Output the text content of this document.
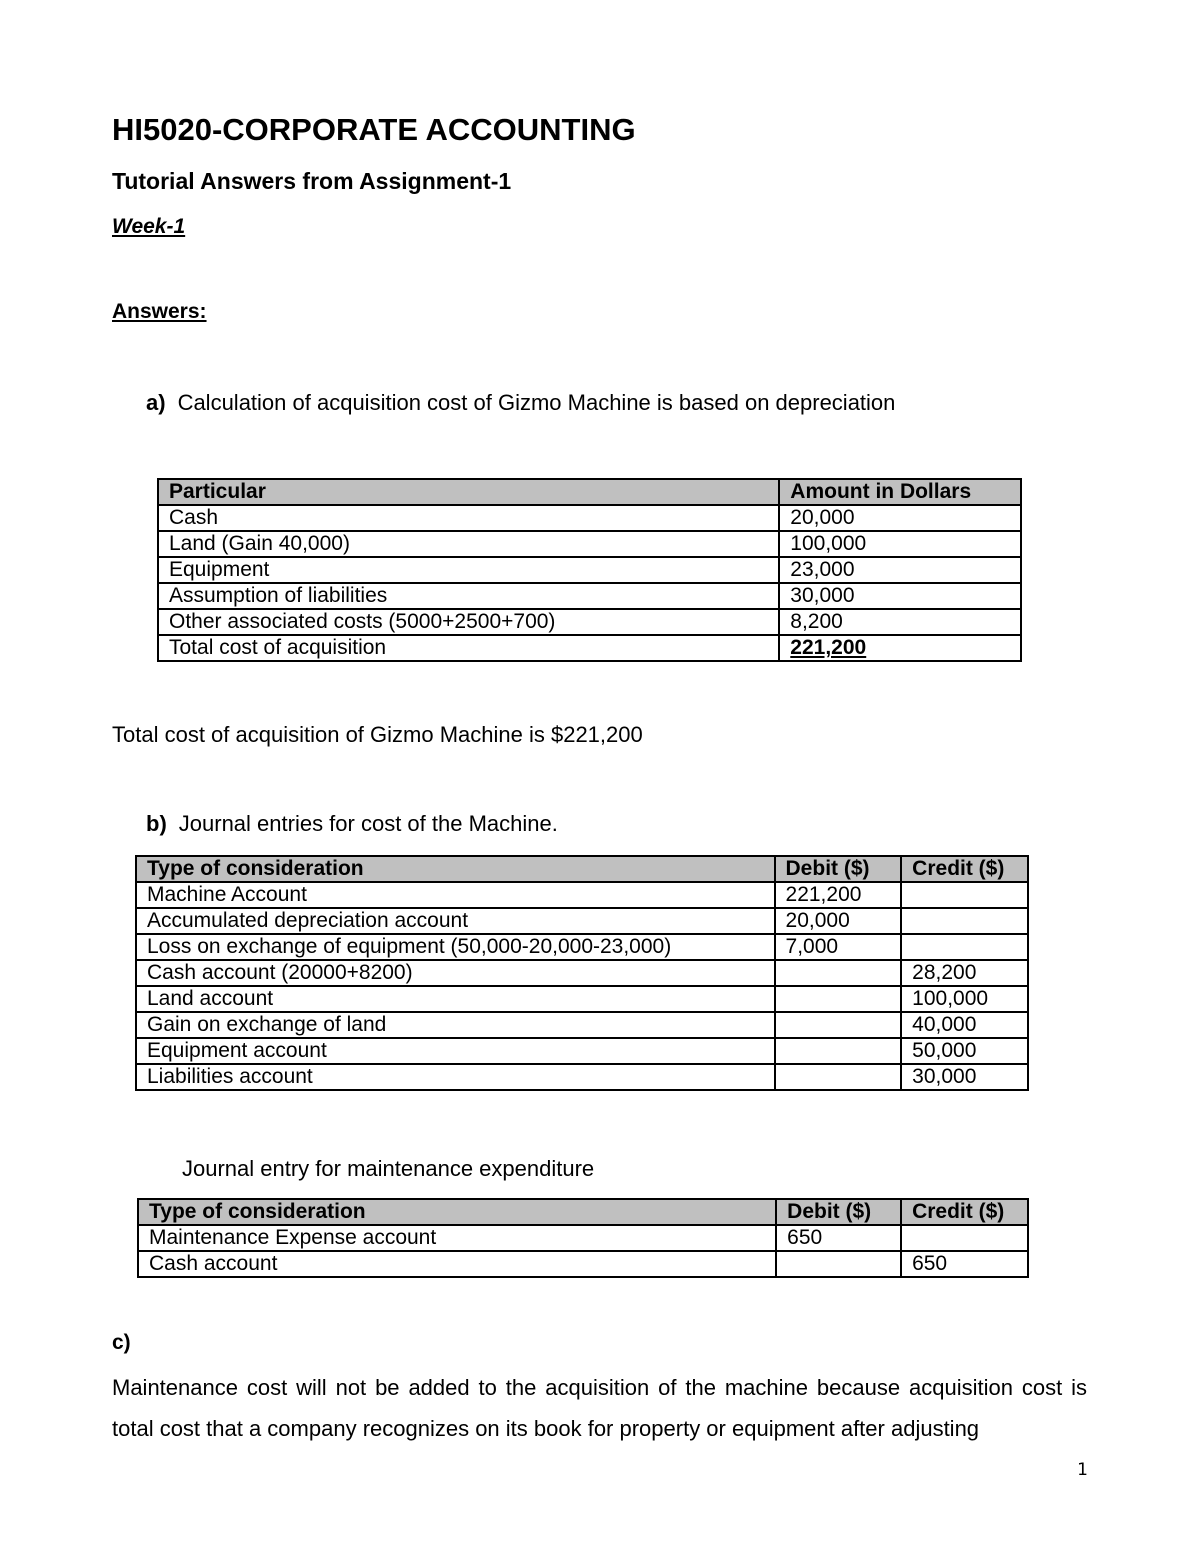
HI5020-CORPORATE ACCOUNTING
Tutorial Answers from Assignment-1
Week-1
Answers:
a) Calculation of acquisition cost of Gizmo Machine is based on depreciation
Particular	Amount in Dollars
Cash	20,000
Land (Gain 40,000)	100,000
Equipment	23,000
Assumption of liabilities	30,000
Other associated costs (5000+2500+700)	8,200
Total cost of acquisition	221,200
Total cost of acquisition of Gizmo Machine is $221,200
b) Journal entries for cost of the Machine.
Type of consideration	Debit ($)	Credit ($)
Machine Account	221,200	
Accumulated depreciation account	20,000	
Loss on exchange of equipment (50,000-20,000-23,000)	7,000	
Cash account (20000+8200)		28,200
Land account		100,000
Gain on exchange of land		40,000
Equipment account		50,000
Liabilities account		30,000
Journal entry for maintenance expenditure
Type of consideration	Debit ($)	Credit ($)
Maintenance Expense account	650	
Cash account		650
c)
Maintenance cost will not be added to the acquisition of the machine because acquisition cost is total cost that a company recognizes on its book for property or equipment after adjusting
1
